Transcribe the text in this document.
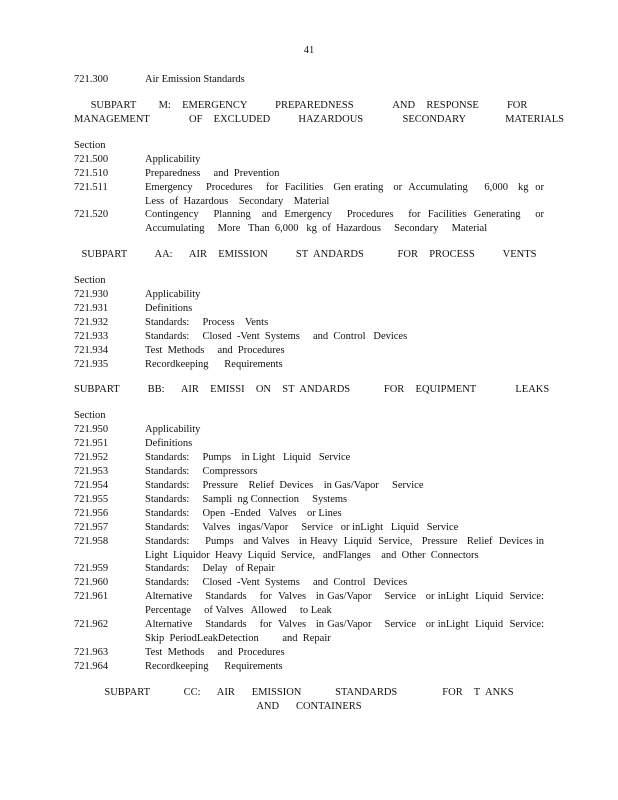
41
721.300	Air Emission Standards
SUBPART    M:  EMERGENCY     PREPAREDNESS       AND  RESPONSE     FOR
MANAGEMENT       OF  EXCLUDED     HAZARDOUS       SECONDARY       MATERIALS
Section
721.500	Applicability
721.510	Preparedness     and  Prevention
721.511	Emergency    Procedures    for  Facilities   Gen erating   or  Accumulating     6,000   kg  or Less  of  Hazardous    Secondary    Material
721.520	Contingency    Planning   and  Emergency    Procedures    for  Facilities  Generating    or Accumulating     More   Than  6,000   kg  of  Hazardous     Secondary     Material
SUBPART     AA:   AIR  EMISSION     ST ANDARDS      FOR  PROCESS     VENTS
Section
721.930	Applicability
721.931	Definitions
721.932	Standards:     Process    Vents
721.933	Standards:     Closed  -Vent  Systems     and  Control   Devices
721.934	Test  Methods     and  Procedures
721.935	Recordkeeping      Requirements
SUBPART     BB:   AIR  EMISSI  ON  ST ANDARDS      FOR  EQUIPMENT       LEAKS
Section
721.950	Applicability
721.951	Definitions
721.952	Standards:     Pumps    in Light   Liquid   Service
721.953	Standards:     Compressors
721.954	Standards:     Pressure    Relief  Devices    in Gas/Vapor     Service
721.955	Standards:     Sampli  ng Connection     Systems
721.956	Standards:     Open  -Ended   Valves    or Lines
721.957	Standards:     Valves   ingas/Vapor     Service   or inLight   Liquid   Service
721.958	Standards:     Pumps   and Valves   in Heavy  Liquid  Service,   Pressure   Relief  Devices in Light  Liquidor  Heavy  Liquid  Service,   andFlanges    and  Other  Connectors
721.959	Standards:     Delay   of Repair
721.960	Standards:     Closed  -Vent  Systems     and  Control   Devices
721.961	Alternative    Standards    for  Valves   in Gas/Vapor    Service   or inLight  Liquid  Service: Percentage     of Valves   Allowed     to Leak
721.962	Alternative    Standards    for  Valves   in Gas/Vapor    Service   or inLight  Liquid  Service: Skip  PeriodLeakDetection         and  Repair
721.963	Test  Methods     and  Procedures
721.964	Recordkeeping      Requirements
SUBPART      CC:   AIR   EMISSION      STANDARDS        FOR  T ANKS
AND   CONTAINERS
